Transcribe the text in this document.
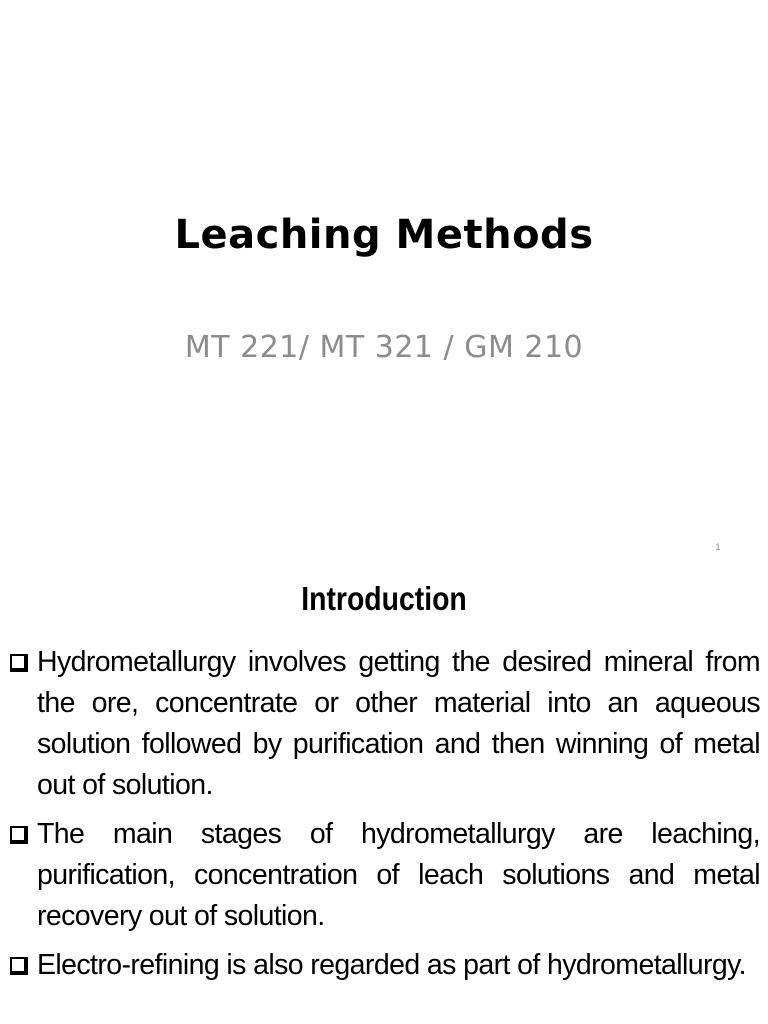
Leaching Methods
MT 221/ MT 321 / GM 210
1
Introduction
Hydrometallurgy involves getting the desired mineral from the ore, concentrate or other material into an aqueous solution followed by purification and then winning of metal out of solution.
The main stages of hydrometallurgy are leaching, purification, concentration of leach solutions and metal recovery out of solution.
Electro-refining is also regarded as part of hydrometallurgy.
